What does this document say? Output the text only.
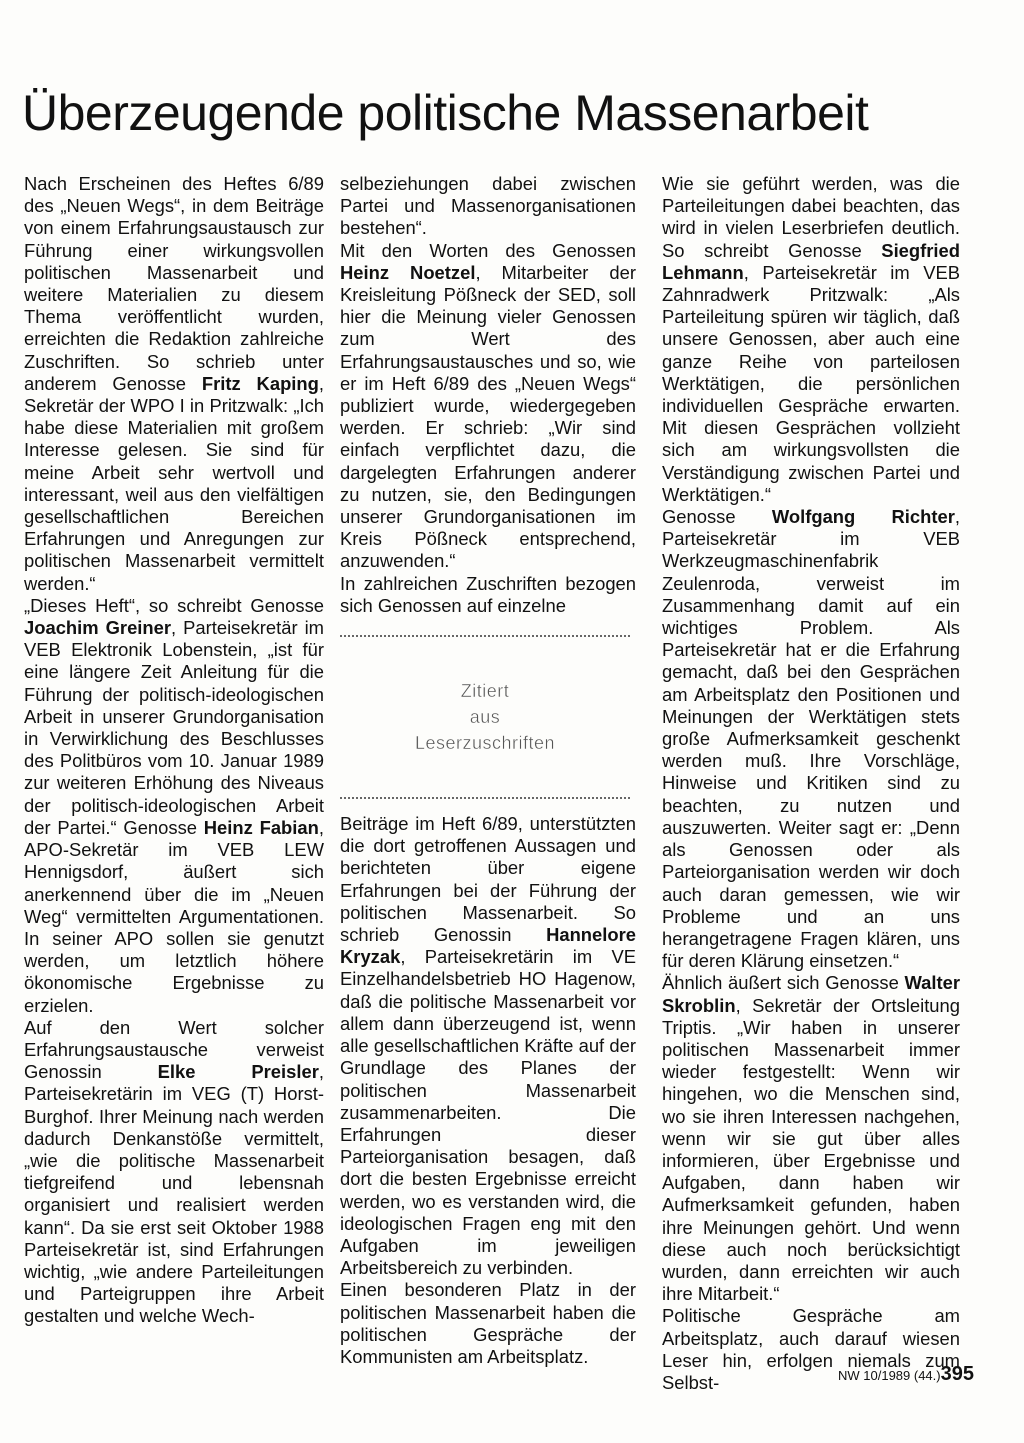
Überzeugende politische Massenarbeit

Nach Erscheinen des Heftes 6/89 des „Neuen Wegs“, in dem Beiträge von einem Erfahrungsaustausch zur Führung einer wirkungsvollen politischen Massenarbeit und weitere Materialien zu diesem Thema veröffentlicht wurden, erreichten die Redaktion zahlreiche Zuschriften. So schrieb unter anderem Genosse Fritz Kaping, Sekretär der WPO I in Pritzwalk: „Ich habe diese Materialien mit großem Interesse gelesen. Sie sind für meine Arbeit sehr wertvoll und interessant, weil aus den vielfältigen gesellschaftlichen Bereichen Erfahrungen und Anregungen zur politischen Massenarbeit vermittelt werden.“

„Dieses Heft“, so schreibt Genosse Joachim Greiner, Parteisekretär im VEB Elektronik Lobenstein, „ist für eine längere Zeit Anleitung für die Führung der politisch-ideologischen Arbeit in unserer Grundorganisation in Verwirklichung des Beschlusses des Politbüros vom 10. Januar 1989 zur weiteren Erhöhung des Niveaus der politisch-ideologischen Arbeit der Partei.“ Genosse Heinz Fabian, APO-Sekretär im VEB LEW Hennigsdorf, äußert sich anerkennend über die im „Neuen Weg“ vermittelten Argumentationen. In seiner APO sollen sie genutzt werden, um letztlich höhere ökonomische Ergebnisse zu erzielen.

Auf den Wert solcher Erfahrungsaustausche verweist Genossin Elke Preisler, Parteisekretärin im VEG (T) Horst-Burghof. Ihrer Meinung nach werden dadurch Denkanstöße vermittelt, „wie die politische Massenarbeit tiefgreifend und lebensnah organisiert und realisiert werden kann“. Da sie erst seit Oktober 1988 Parteisekretär ist, sind Erfahrungen wichtig, „wie andere Parteileitungen und Parteigruppen ihre Arbeit gestalten und welche Wech-

selbeziehungen dabei zwischen Partei und Massenorganisationen bestehen“.

Mit den Worten des Genossen Heinz Noetzel, Mitarbeiter der Kreisleitung Pößneck der SED, soll hier die Meinung vieler Genossen zum Wert des Erfahrungsaustausches und so, wie er im Heft 6/89 des „Neuen Wegs“ publiziert wurde, wiedergegeben werden. Er schrieb: „Wir sind einfach verpflichtet dazu, die dargelegten Erfahrungen anderer zu nutzen, sie, den Bedingungen unserer Grundorganisationen im Kreis Pößneck entsprechend, anzuwenden.“

In zahlreichen Zuschriften bezogen sich Genossen auf einzelne

Zitiert
aus
Leserzuschriften

Beiträge im Heft 6/89, unterstützten die dort getroffenen Aussagen und berichteten über eigene Erfahrungen bei der Führung der politischen Massenarbeit. So schrieb Genossin Hannelore Kryzak, Parteisekretärin im VE Einzelhandelsbetrieb HO Hagenow, daß die politische Massenarbeit vor allem dann überzeugend ist, wenn alle gesellschaftlichen Kräfte auf der Grundlage des Planes der politischen Massenarbeit zusammenarbeiten. Die Erfahrungen dieser Parteiorganisation besagen, daß dort die besten Ergebnisse erreicht werden, wo es verstanden wird, die ideologischen Fragen eng mit den Aufgaben im jeweiligen Arbeitsbereich zu verbinden.

Einen besonderen Platz in der politischen Massenarbeit haben die politischen Gespräche der Kommunisten am Arbeitsplatz.

Wie sie geführt werden, was die Parteileitungen dabei beachten, das wird in vielen Leserbriefen deutlich. So schreibt Genosse Siegfried Lehmann, Parteisekretär im VEB Zahnradwerk Pritzwalk: „Als Parteileitung spüren wir täglich, daß unsere Genossen, aber auch eine ganze Reihe von parteilosen Werktätigen, die persönlichen individuellen Gespräche erwarten. Mit diesen Gesprächen vollzieht sich am wirkungsvollsten die Verständigung zwischen Partei und Werktätigen.“

Genosse Wolfgang Richter, Parteisekretär im VEB Werkzeugmaschinenfabrik Zeulenroda, verweist im Zusammenhang damit auf ein wichtiges Problem. Als Parteisekretär hat er die Erfahrung gemacht, daß bei den Gesprächen am Arbeitsplatz den Positionen und Meinungen der Werktätigen stets große Aufmerksamkeit geschenkt werden muß. Ihre Vorschläge, Hinweise und Kritiken sind zu beachten, zu nutzen und auszuwerten. Weiter sagt er: „Denn als Genossen oder als Parteiorganisation werden wir doch auch daran gemessen, wie wir Probleme und an uns herangetragene Fragen klären, uns für deren Klärung einsetzen.“

Ähnlich äußert sich Genosse Walter Skroblin, Sekretär der Ortsleitung Triptis. „Wir haben in unserer politischen Massenarbeit immer wieder festgestellt: Wenn wir hingehen, wo die Menschen sind, wo sie ihren Interessen nachgehen, wenn wir sie gut über alles informieren, über Ergebnisse und Aufgaben, dann haben wir Aufmerksamkeit gefunden, haben ihre Meinungen gehört. Und wenn diese auch noch berücksichtigt wurden, dann erreichten wir auch ihre Mitarbeit.“

Politische Gespräche am Arbeitsplatz, auch darauf wiesen Leser hin, erfolgen niemals zum Selbst-	NW 10/1989 (44.) 395
